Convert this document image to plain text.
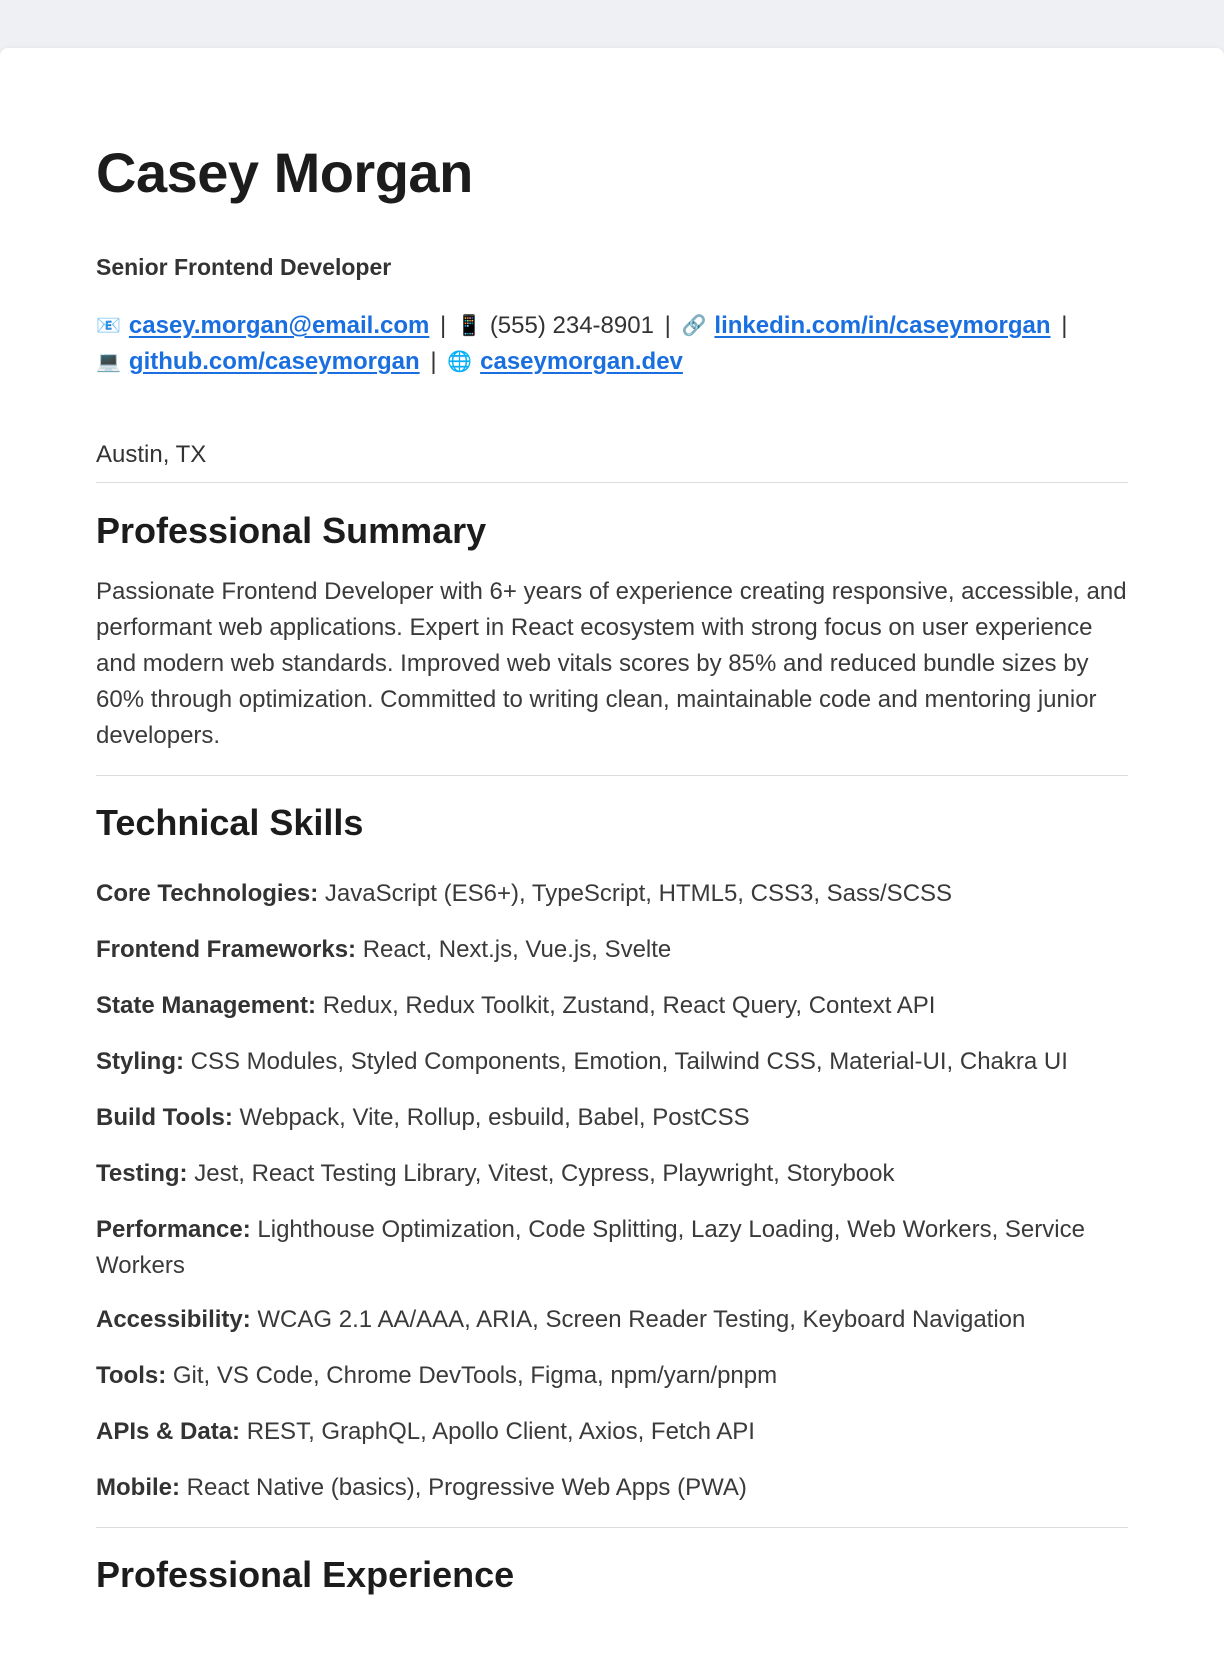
Casey Morgan
Senior Frontend Developer
📧 casey.morgan@email.com | 📱 (555) 234-8901 | 🔗 linkedin.com/in/caseymorgan |
💻 github.com/caseymorgan | 🌐 caseymorgan.dev
Austin, TX
Professional Summary

Passionate Frontend Developer with 6+ years of experience creating responsive, accessible, and performant web applications. Expert in React ecosystem with strong focus on user experience and modern web standards. Improved web vitals scores by 85% and reduced bundle sizes by 60% through optimization. Committed to writing clean, maintainable code and mentoring junior developers.

Technical Skills

Core Technologies: JavaScript (ES6+), TypeScript, HTML5, CSS3, Sass/SCSS

Frontend Frameworks: React, Next.js, Vue.js, Svelte

State Management: Redux, Redux Toolkit, Zustand, React Query, Context API

Styling: CSS Modules, Styled Components, Emotion, Tailwind CSS, Material-UI, Chakra UI

Build Tools: Webpack, Vite, Rollup, esbuild, Babel, PostCSS

Testing: Jest, React Testing Library, Vitest, Cypress, Playwright, Storybook

Performance: Lighthouse Optimization, Code Splitting, Lazy Loading, Web Workers, Service Workers

Accessibility: WCAG 2.1 AA/AAA, ARIA, Screen Reader Testing, Keyboard Navigation

Tools: Git, VS Code, Chrome DevTools, Figma, npm/yarn/pnpm

APIs & Data: REST, GraphQL, Apollo Client, Axios, Fetch API

Mobile: React Native (basics), Progressive Web Apps (PWA)

Professional Experience
